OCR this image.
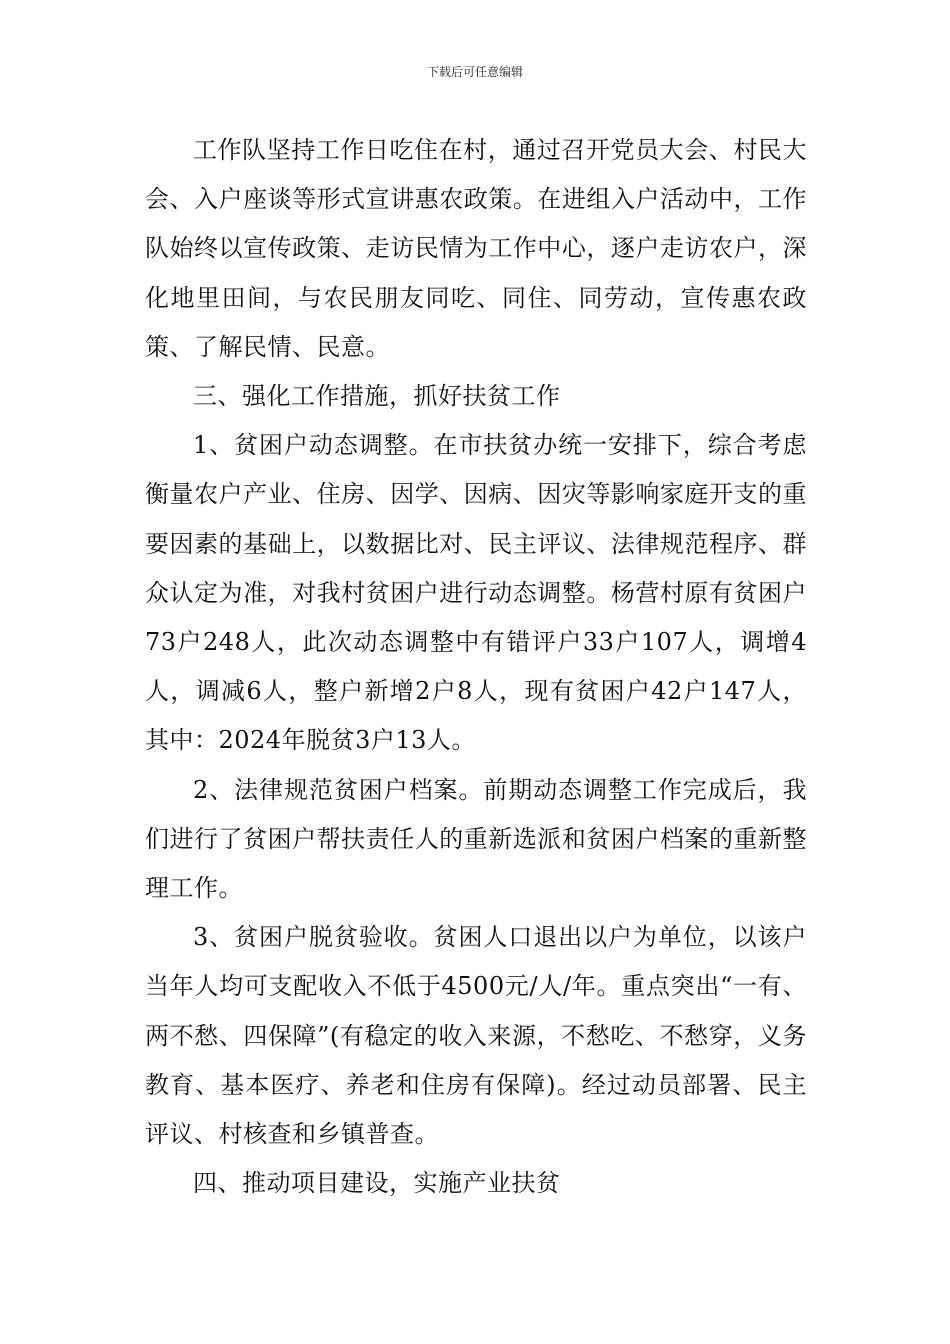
下载后可任意编辑

工作队坚持工作日吃住在村，通过召开党员大会、村民大会、入户座谈等形式宣讲惠农政策。在进组入户活动中，工作队始终以宣传政策、走访民情为工作中心，逐户走访农户，深化地里田间，与农民朋友同吃、同住、同劳动，宣传惠农政策、了解民情、民意。

三、强化工作措施，抓好扶贫工作

1、贫困户动态调整。在市扶贫办统一安排下，综合考虑衡量农户产业、住房、因学、因病、因灾等影响家庭开支的重要因素的基础上，以数据比对、民主评议、法律规范程序、群众认定为准，对我村贫困户进行动态调整。杨营村原有贫困户73户248人，此次动态调整中有错评户33户107人，调增4人，调减6人，整户新增2户8人，现有贫困户42户147人，其中：2024年脱贫3户13人。

2、法律规范贫困户档案。前期动态调整工作完成后，我们进行了贫困户帮扶责任人的重新选派和贫困户档案的重新整理工作。

3、贫困户脱贫验收。贫困人口退出以户为单位，以该户当年人均可支配收入不低于4500元/人/年。重点突出“一有、两不愁、四保障”(有稳定的收入来源，不愁吃、不愁穿，义务教育、基本医疗、养老和住房有保障)。经过动员部署、民主评议、村核查和乡镇普查。

四、推动项目建设，实施产业扶贫
